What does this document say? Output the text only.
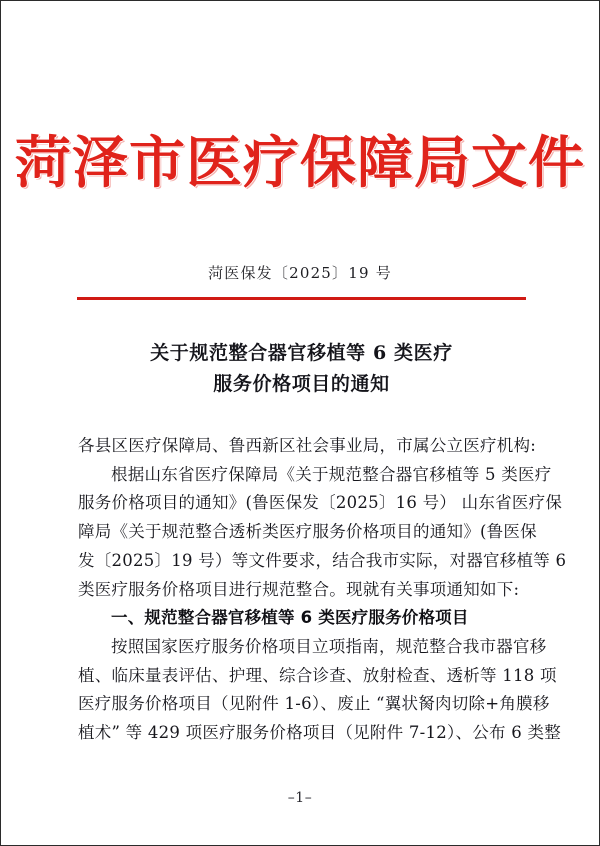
菏泽市医疗保障局文件
菏医保发〔2025〕19 号
关于规范整合器官移植等 6 类医疗
服务价格项目的通知
各县区医疗保障局、鲁西新区社会事业局，市属公立医疗机构:
根据山东省医疗保障局《关于规范整合器官移植等 5 类医疗
服务价格项目的通知》(鲁医保发〔2025〕16 号） 山东省医疗保
障局《关于规范整合透析类医疗服务价格项目的通知》(鲁医保
发〔2025〕19 号）等文件要求，结合我市实际，对器官移植等 6
类医疗服务价格项目进行规范整合。现就有关事项通知如下:
一、规范整合器官移植等 6 类医疗服务价格项目
按照国家医疗服务价格项目立项指南，规范整合我市器官移
植、临床量表评估、护理、综合诊查、放射检查、透析等 118 项
医疗服务价格项目（见附件 1-6）、废止 “翼状胬肉切除+角膜移
植术” 等 429 项医疗服务价格项目（见附件 7-12）、公布 6 类整
–1–
